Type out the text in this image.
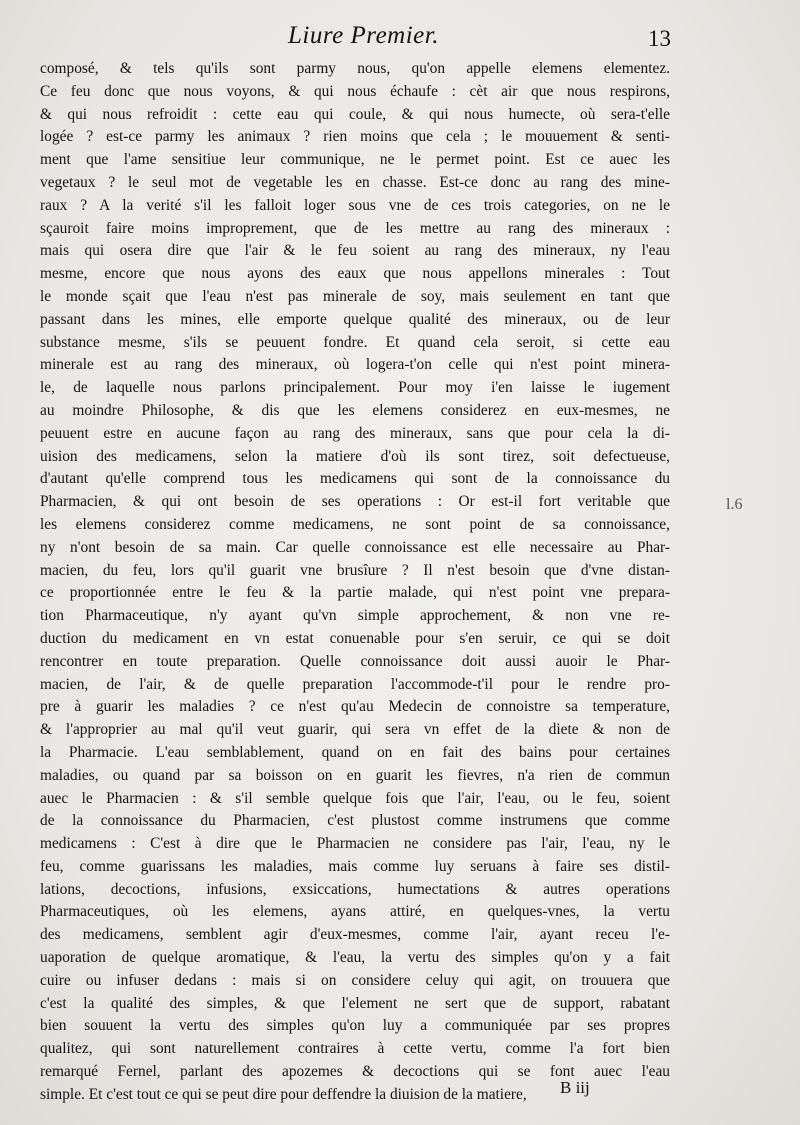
Liure Premier.	13
composé, & tels qu'ils sont parmy nous, qu'on appelle elemens elementez.
Ce feu donc que nous voyons, & qui nous échaufe : cèt air que nous respirons,
& qui nous refroidit : cette eau qui coule, & qui nous humecte, où sera-t'elle
logée ? est-ce parmy les animaux ? rien moins que cela ; le mouuement & senti-
ment que l'ame sensitiue leur communique, ne le permet point. Est ce auec les
vegetaux ? le seul mot de vegetable les en chasse. Est-ce donc au rang des mine-
raux ? A la verité s'il les falloit loger sous vne de ces trois categories, on ne le
sçauroit faire moins improprement, que de les mettre au rang des mineraux :
mais qui osera dire que l'air & le feu soient au rang des mineraux, ny l'eau
mesme, encore que nous ayons des eaux que nous appellons minerales : Tout
le monde sçait que l'eau n'est pas minerale de soy, mais seulement en tant que
passant dans les mines, elle emporte quelque qualité des mineraux, ou de leur
substance mesme, s'ils se peuuent fondre. Et quand cela seroit, si cette eau
minerale est au rang des mineraux, où logera-t'on celle qui n'est point minera-
le, de laquelle nous parlons principalement. Pour moy i'en laisse le iugement
au moindre Philosophe, & dis que les elemens considerez en eux-mesmes, ne
peuuent estre en aucune façon au rang des mineraux, sans que pour cela la di-
uision des medicamens, selon la matiere d'où ils sont tirez, soit defectueuse,
d'autant qu'elle comprend tous les medicamens qui sont de la connoissance du
Pharmacien, & qui ont besoin de ses operations : Or est-il fort veritable que
les elemens considerez comme medicamens, ne sont point de sa connoissance,
ny n'ont besoin de sa main. Car quelle connoissance est elle necessaire au Phar-
macien, du feu, lors qu'il guarit vne brusîure ? Il n'est besoin que d'vne distan-
ce proportionnée entre le feu & la partie malade, qui n'est point vne prepara-
tion Pharmaceutique, n'y ayant qu'vn simple approchement, & non vne re-
duction du medicament en vn estat conuenable pour s'en seruir, ce qui se doit
rencontrer en toute preparation. Quelle connoissance doit aussi auoir le Phar-
macien, de l'air, & de quelle preparation l'accommode-t'il pour le rendre pro-
pre à guarir les maladies ? ce n'est qu'au Medecin de connoistre sa temperature,
& l'approprier au mal qu'il veut guarir, qui sera vn effet de la diete & non de
la Pharmacie. L'eau semblablement, quand on en fait des bains pour certaines
maladies, ou quand par sa boisson on en guarit les fievres, n'a rien de commun
auec le Pharmacien : & s'il semble quelque fois que l'air, l'eau, ou le feu, soient
de la connoissance du Pharmacien, c'est plustost comme instrumens que comme
medicamens : C'est à dire que le Pharmacien ne considere pas l'air, l'eau, ny le
feu, comme guarissans les maladies, mais comme luy seruans à faire ses distil-
lations, decoctions, infusions, exsiccations, humectations & autres operations
Pharmaceutiques, où les elemens, ayans attiré, en quelques-vnes, la vertu
des medicamens, semblent agir d'eux-mesmes, comme l'air, ayant receu l'e-
uaporation de quelque aromatique, & l'eau, la vertu des simples qu'on y a fait
cuire ou infuser dedans : mais si on considere celuy qui agit, on trouuera que
c'est la qualité des simples, & que l'element ne sert que de support, rabatant
bien souuent la vertu des simples qu'on luy a communiquée par ses propres
qualitez, qui sont naturellement contraires à cette vertu, comme l'a fort bien
remarqué Fernel, parlant des apozemes & decoctions qui se font auec l'eau
simple. Et c'est tout ce qui se peut dire pour deffendre la diuision de la matiere,
l.6
B iij
